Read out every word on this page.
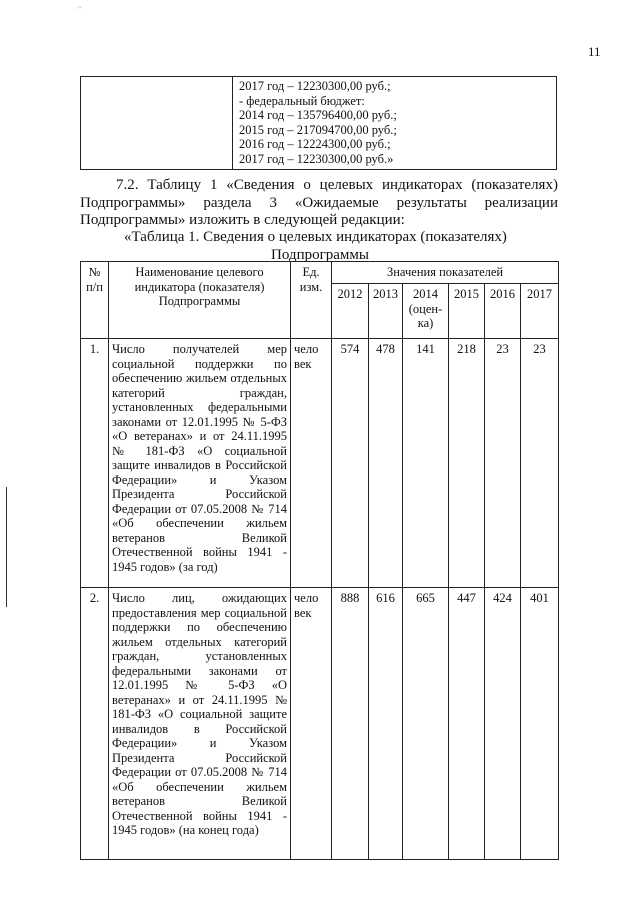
·ᵛ
11

2017 год – 12230300,00 руб.;
- федеральный бюджет:
2014 год – 135796400,00 руб.;
2015 год – 217094700,00 руб.;
2016 год – 12224300,00 руб.;
2017 год – 12230300,00 руб.»
7.2. Таблицу 1 «Сведения о целевых индикаторах (показателях)
Подпрограммы» раздела 3 «Ожидаемые результаты реализации
Подпрограммы» изложить в следующей редакции:
«Таблица 1. Сведения о целевых индикаторах (показателях)
Подпрограммы
№ п/п	Наименование целевого индикатора (показателя) Подпрограммы	Ед. изм.	Значения показателей					
			2012	2013	2014 (оцен-ка)	2015	2016	2017
1.	Число получателей мер социальной поддержки по обеспечению жильем отдельных категорий граждан, установленных федеральными законами от 12.01.1995 № 5-ФЗ «О ветеранах» и от 24.11.1995 № 181-ФЗ «О социальной защите инвалидов в Российской Федерации» и Указом Президента Российской Федерации от 07.05.2008 № 714 «Об обеспечении жильем ветеранов Великой Отечественной войны 1941 - 1945 годов» (за год)	чело век	574	478	141	218	23	23
2.	Число лиц, ожидающих предоставления мер социальной поддержки по обеспечению жильем отдельных категорий граждан, установленных федеральными законами от 12.01.1995 № 5-ФЗ «О ветеранах» и от 24.11.1995 № 181-ФЗ «О социальной защите инвалидов в Российской Федерации» и Указом Президента Российской Федерации от 07.05.2008 № 714 «Об обеспечении жильем ветеранов Великой Отечественной войны 1941 - 1945 годов» (на конец года)	чело век	888	616	665	447	424	401
